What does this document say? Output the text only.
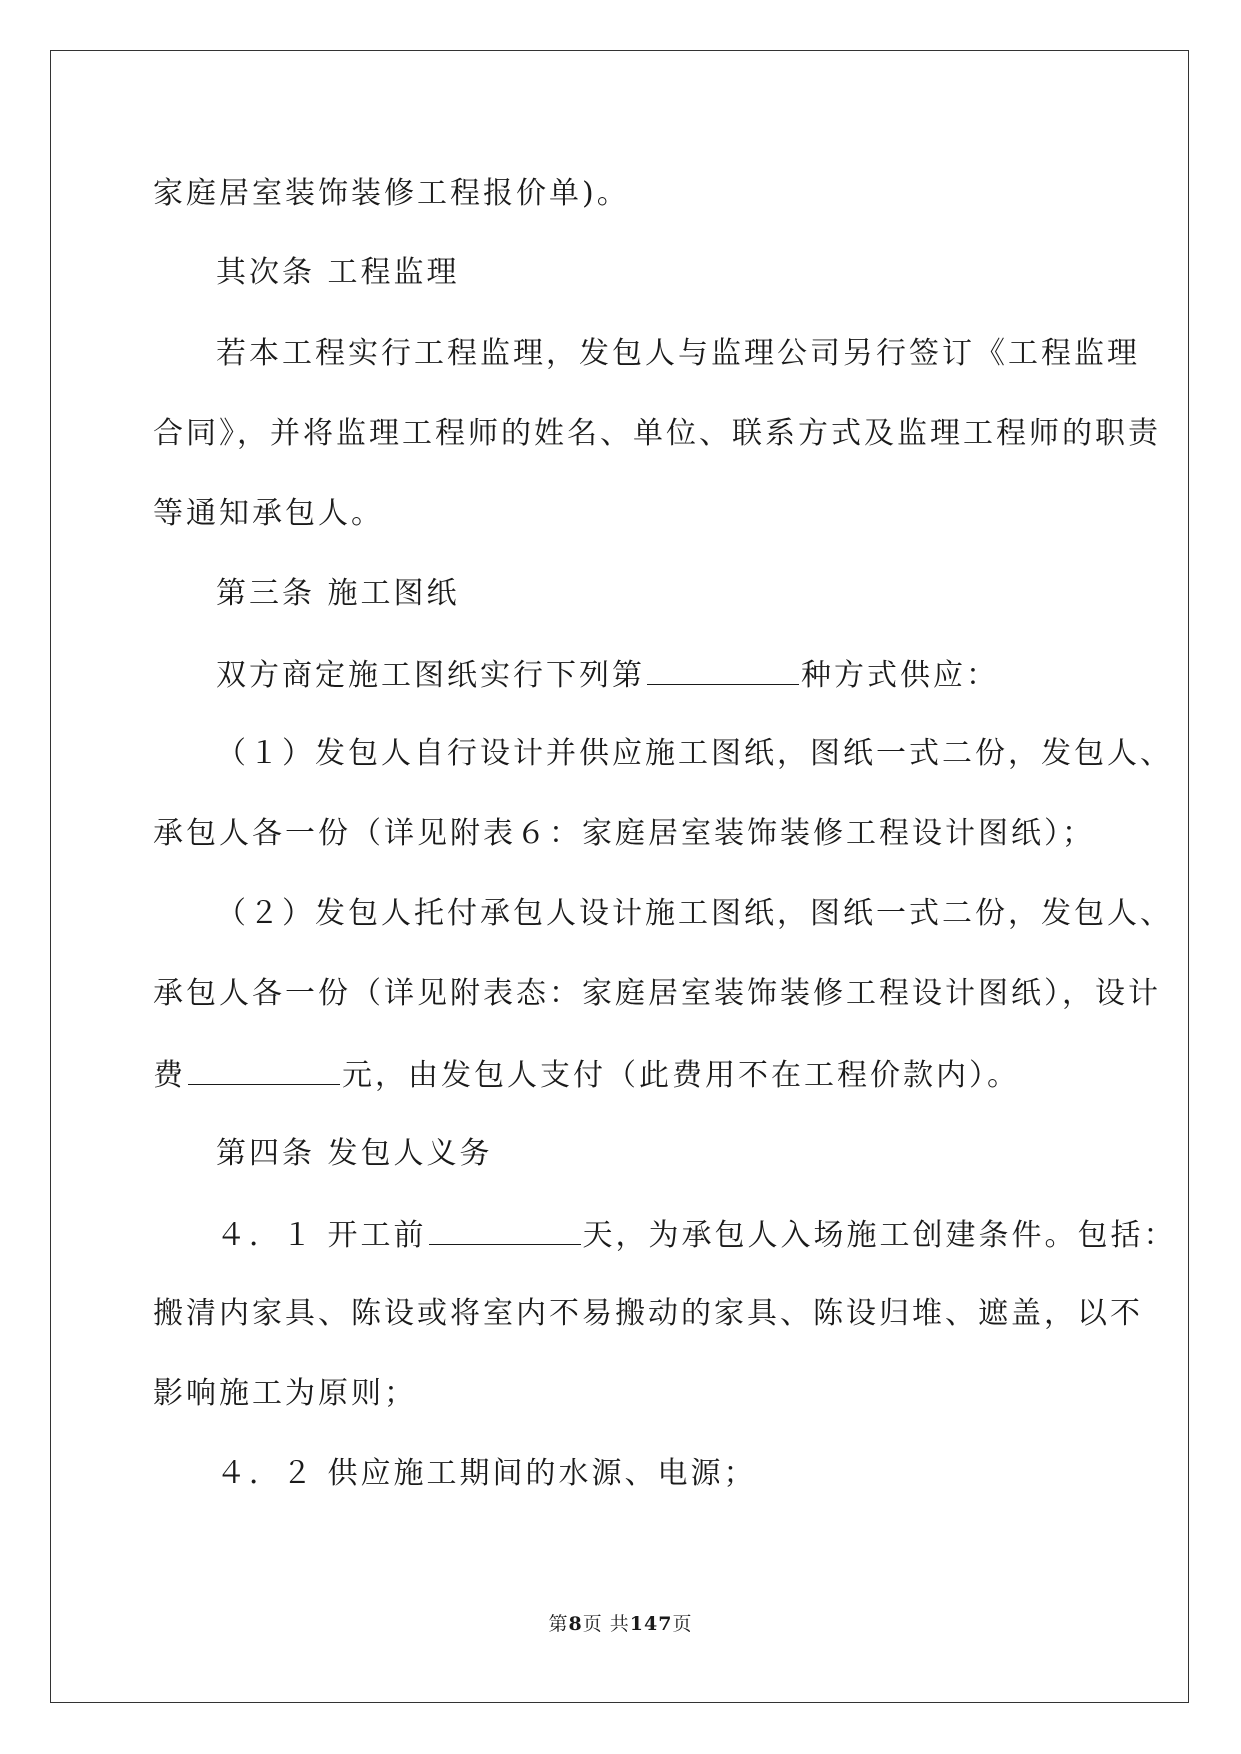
家庭居室装饰装修工程报价单)。
其次条 工程监理
若本工程实行工程监理，发包人与监理公司另行签订《工程监理
合同》，并将监理工程师的姓名、单位、联系方式及监理工程师的职责
等通知承包人。
第三条 施工图纸
双方商定施工图纸实行下列第	种方式供应：
（１）发包人自行设计并供应施工图纸，图纸一式二份，发包人、
承包人各一份（详见附表６：家庭居室装饰装修工程设计图纸）；
（２）发包人托付承包人设计施工图纸，图纸一式二份，发包人、
承包人各一份（详见附表态：家庭居室装饰装修工程设计图纸），设计
费	元，由发包人支付（此费用不在工程价款内）。
第四条 发包人义务
４．１ 开工前	天，为承包人入场施工创建条件。包括：
搬清内家具、陈设或将室内不易搬动的家具、陈设归堆、遮盖，以不
影响施工为原则；
４．２ 供应施工期间的水源、电源；
第8页 共147页
